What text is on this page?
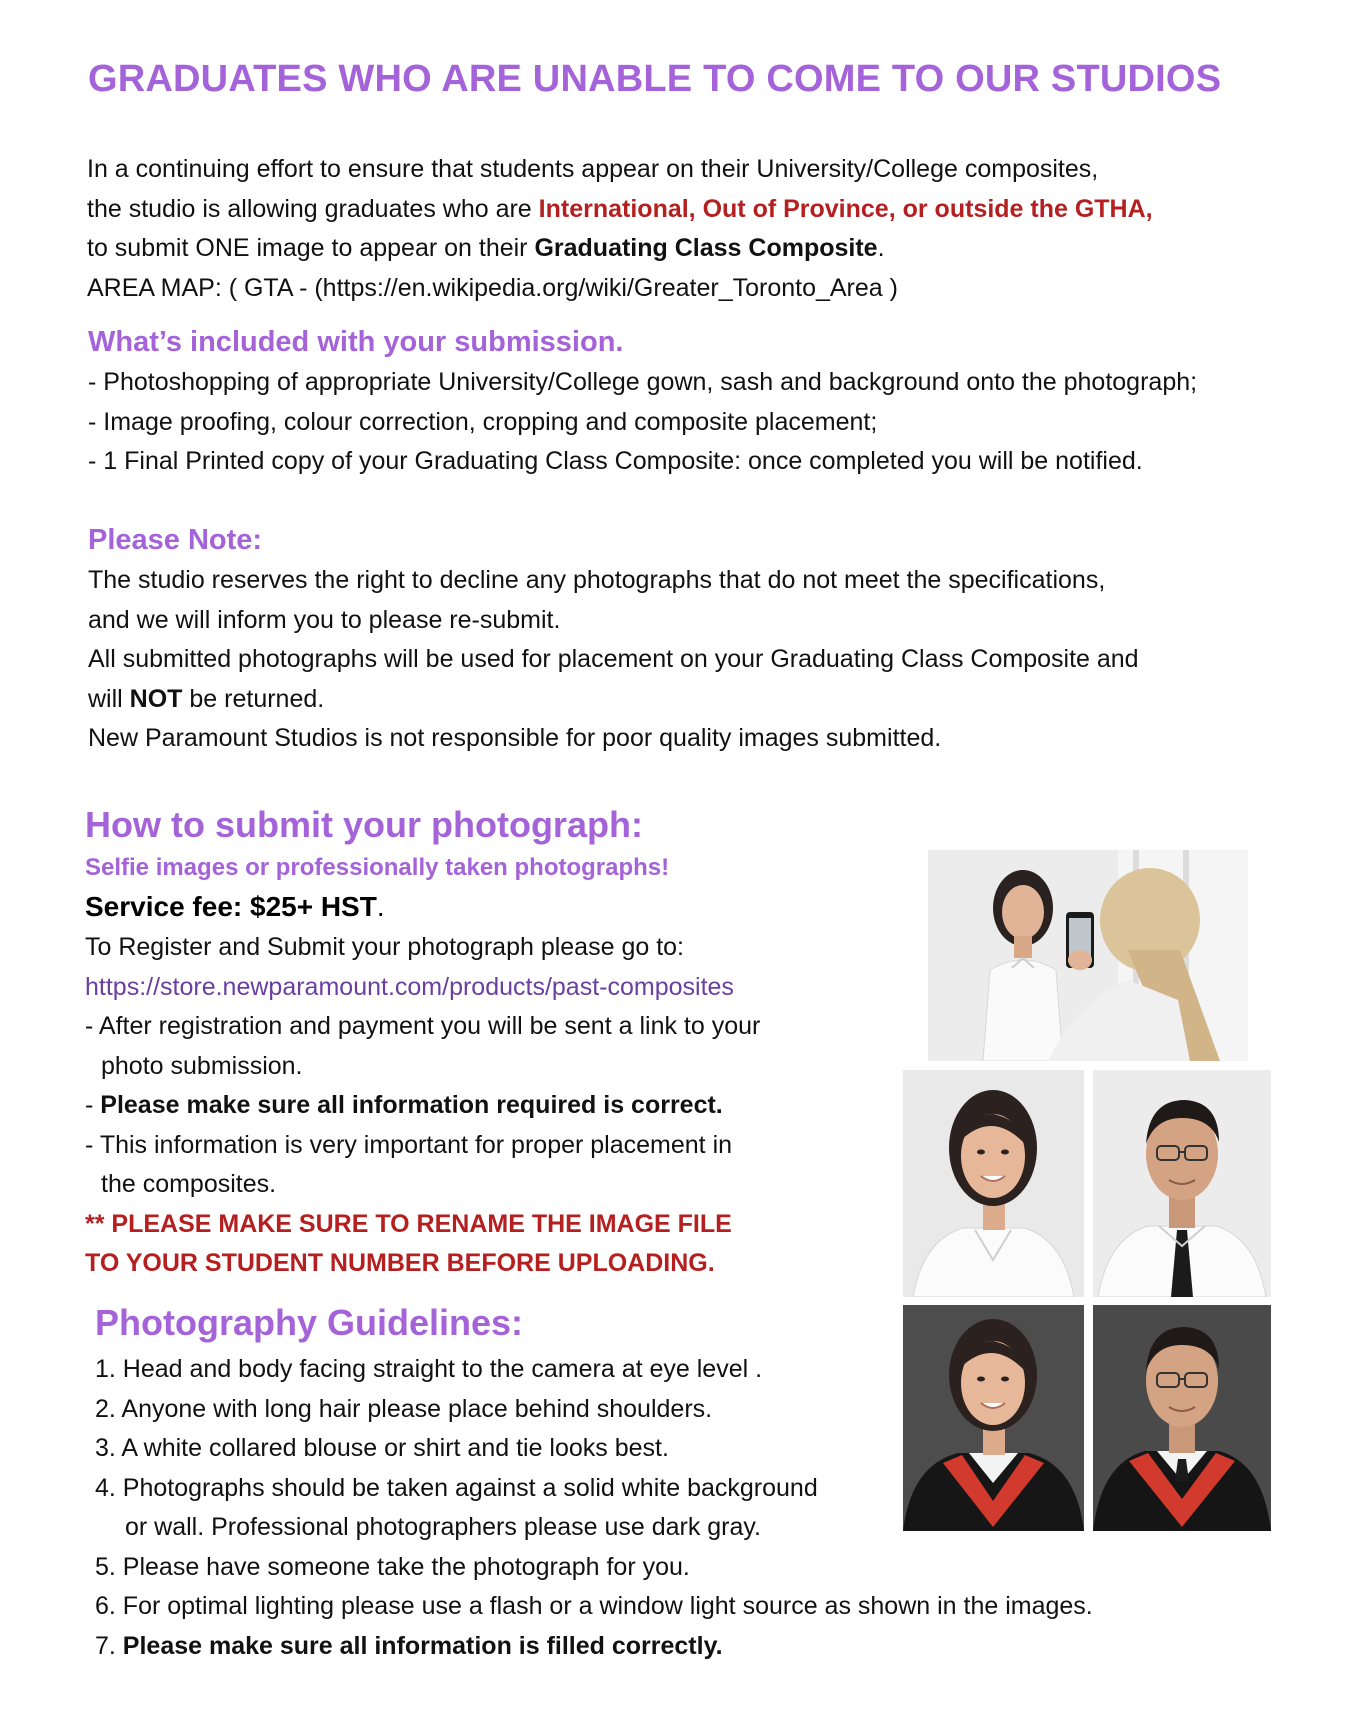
GRADUATES WHO ARE UNABLE TO COME TO OUR STUDIOS
In a continuing effort to ensure that students appear on their University/College composites,
the studio is allowing graduates who are International, Out of Province, or outside the GTHA,
to submit ONE image to appear on their Graduating Class Composite.
AREA MAP: ( GTA - (https://en.wikipedia.org/wiki/Greater_Toronto_Area )
What’s included with your submission.
- Photoshopping of appropriate University/College gown, sash and background onto the photograph;
- Image proofing, colour correction, cropping and composite placement;
- 1 Final Printed copy of your Graduating Class Composite: once completed you will be notified.
Please Note:
The studio reserves the right to decline any photographs that do not meet the specifications,
and we will inform you to please re-submit.
All submitted photographs will be used for placement on your Graduating Class Composite and
will NOT be returned.
New Paramount Studios is not responsible for poor quality images submitted.
How to submit your photograph:
Selfie images or professionally taken photographs!
Service fee: $25+ HST.
To Register and Submit your photograph please go to:
https://store.newparamount.com/products/past-composites
- After registration and payment you will be sent a link to your
photo submission.
- Please make sure all information required is correct.
- This information is very important for proper placement in
the composites.
** PLEASE MAKE SURE TO RENAME THE IMAGE FILE
TO YOUR STUDENT NUMBER BEFORE UPLOADING.
Photography Guidelines:
1. Head and body facing straight to the camera at eye level .
2. Anyone with long hair please place behind shoulders.
3. A white collared blouse or shirt and tie looks best.
4. Photographs should be taken against a solid white background
or wall. Professional photographers please use dark gray.
5. Please have someone take the photograph for you.
6. For optimal lighting please use a flash or a window light source as shown in the images.
7. Please make sure all information is filled correctly.
